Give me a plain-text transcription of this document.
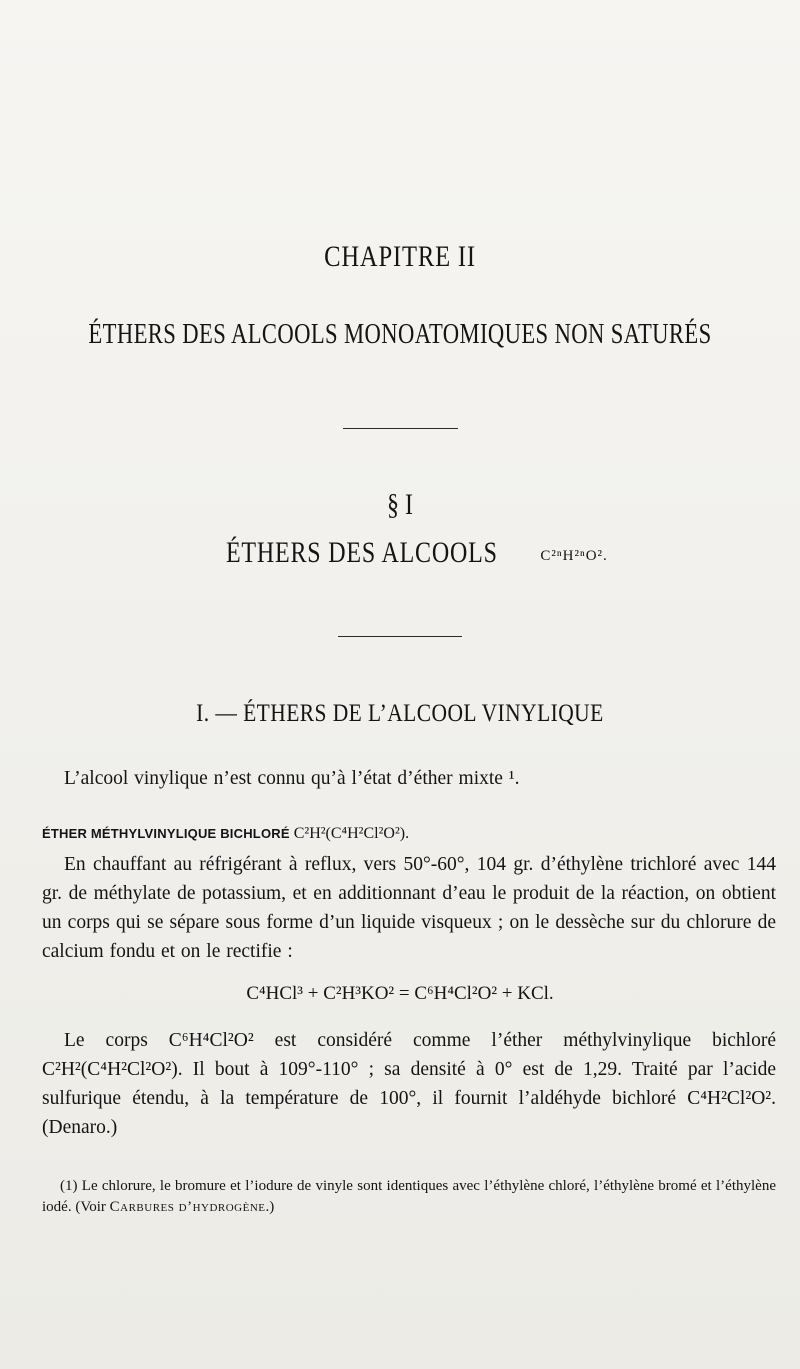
CHAPITRE II
ÉTHERS DES ALCOOLS MONOATOMIQUES NON SATURÉS
§ I
ÉTHERS DES ALCOOLS	C²ⁿH²ⁿO².
I. — ÉTHERS DE L’ALCOOL VINYLIQUE
L’alcool vinylique n’est connu qu’à l’état d’éther mixte ¹.
ÉTHER MÉTHYLVINYLIQUE BICHLORÉ C²H²(C⁴H²Cl²O²).
En chauffant au réfrigérant à reflux, vers 50°-60°, 104 gr. d’éthylène trichloré avec 144 gr. de méthylate de potassium, et en additionnant d’eau le produit de la réaction, on obtient un corps qui se sépare sous forme d’un liquide visqueux ; on le dessèche sur du chlorure de calcium fondu et on le rectifie :
C⁴HCl³ + C²H³KO² = C⁶H⁴Cl²O² + KCl.
Le corps C⁶H⁴Cl²O² est considéré comme l’éther méthylvinylique bichloré C²H²(C⁴H²Cl²O²). Il bout à 109°-110° ; sa densité à 0° est de 1,29. Traité par l’acide sulfurique étendu, à la température de 100°, il fournit l’aldéhyde bichloré C⁴H²Cl²O². (Denaro.)
(1) Le chlorure, le bromure et l’iodure de vinyle sont identiques avec l’éthylène chloré, l’éthylène bromé et l’éthylène iodé. (Voir Carbures d’hydrogène.)
